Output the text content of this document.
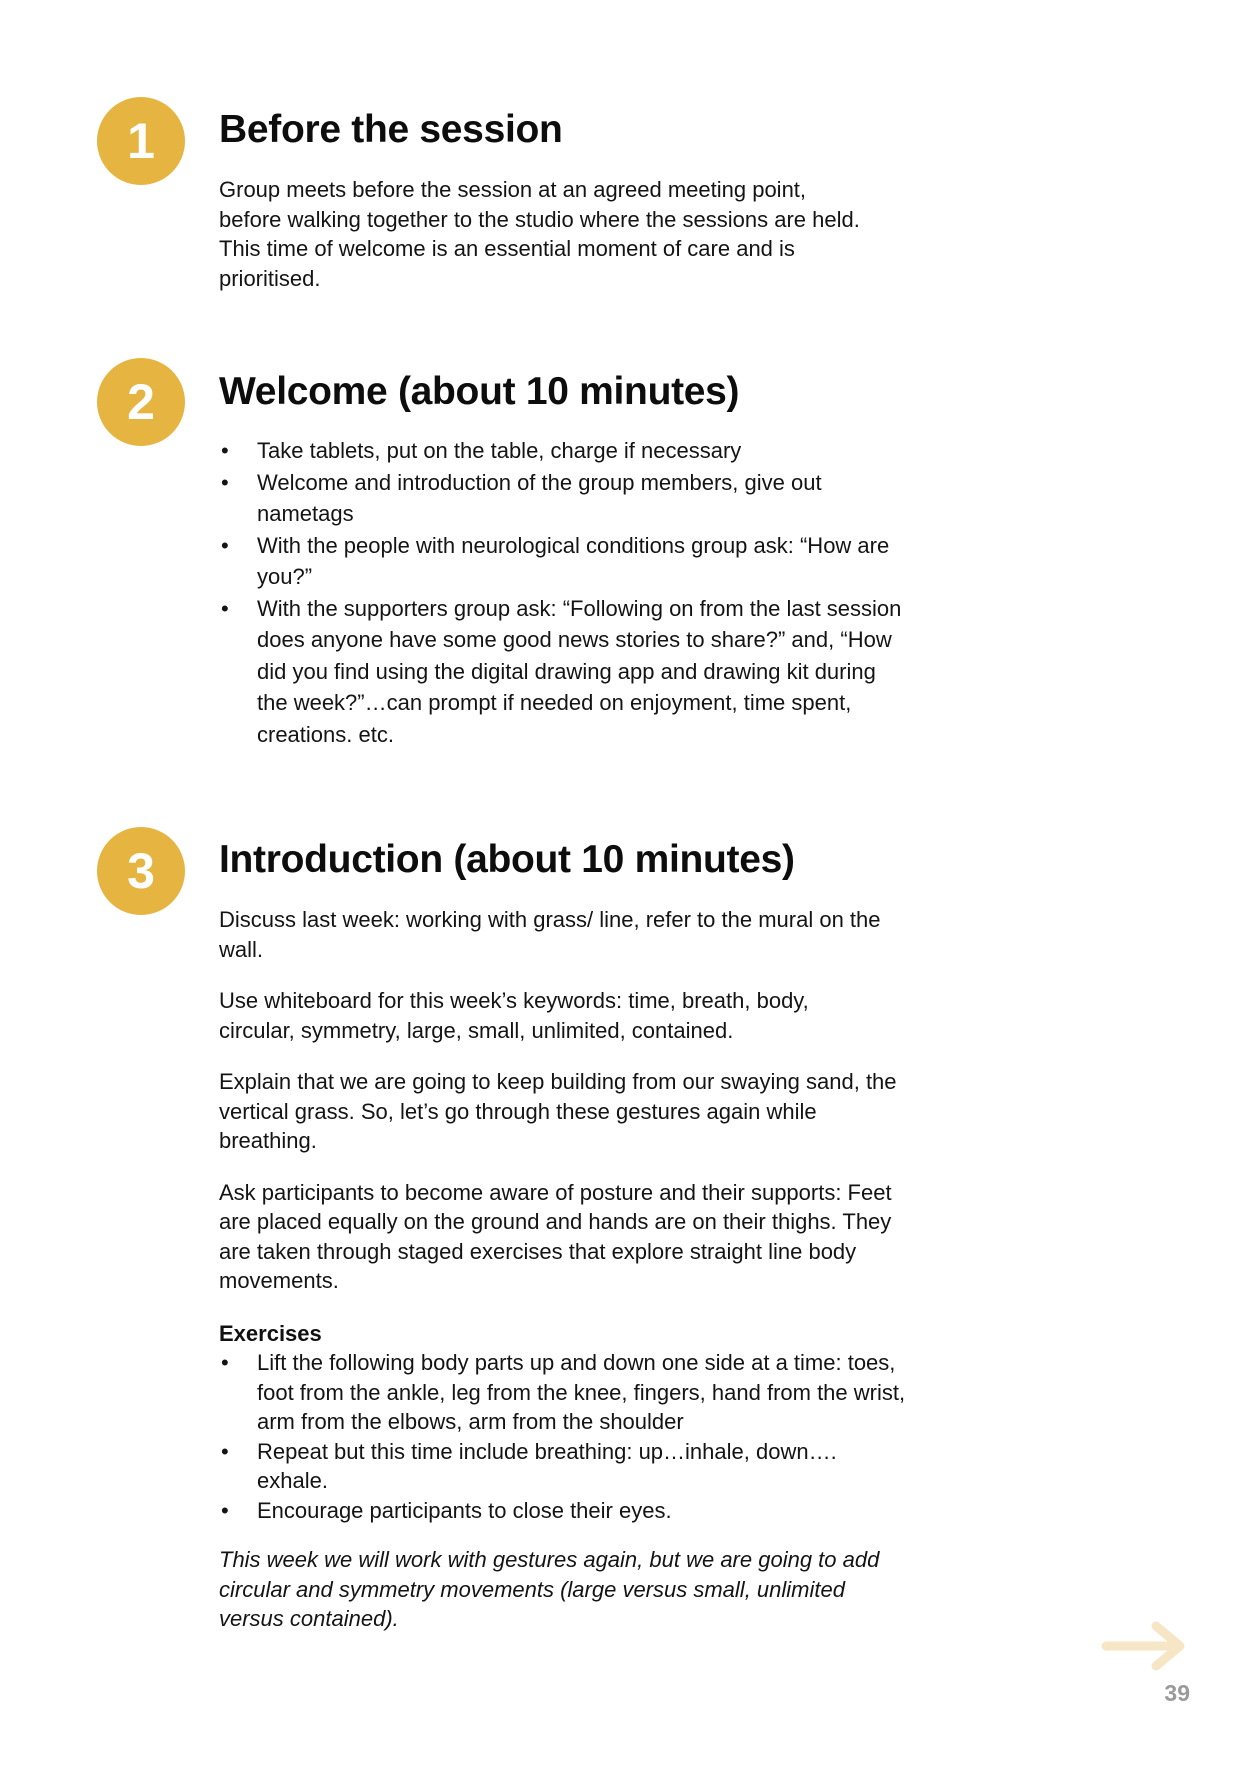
1	Before the session

Group meets before the session at an agreed meeting point, before walking together to the studio where the sessions are held. This time of welcome is an essential moment of care and is prioritised.

2	Welcome (about 10 minutes)
• Take tablets, put on the table, charge if necessary
• Welcome and introduction of the group members, give out nametags
• With the people with neurological conditions group ask: “How are you?”
• With the supporters group ask: “Following on from the last session does anyone have some good news stories to share?” and, “How did you find using the digital drawing app and drawing kit during the week?”…can prompt if needed on enjoyment, time spent, creations. etc.
3	Introduction (about 10 minutes)

Discuss last week: working with grass/ line, refer to the mural on the wall.

Use whiteboard for this week’s keywords: time, breath, body, circular, symmetry, large, small, unlimited, contained.

Explain that we are going to keep building from our swaying sand, the vertical grass. So, let’s go through these gestures again while breathing.

Ask participants to become aware of posture and their supports: Feet are placed equally on the ground and hands are on their thighs. They are taken through staged exercises that explore straight line body movements.

Exercises

• Lift the following body parts up and down one side at a time: toes, foot from the ankle, leg from the knee, fingers, hand from the wrist, arm from the elbows, arm from the shoulder
• Repeat but this time include breathing: up…inhale, down…. exhale.
• Encourage participants to close their eyes.

This week we will work with gestures again, but we are going to add circular and symmetry movements (large versus small, unlimited versus contained).

39
